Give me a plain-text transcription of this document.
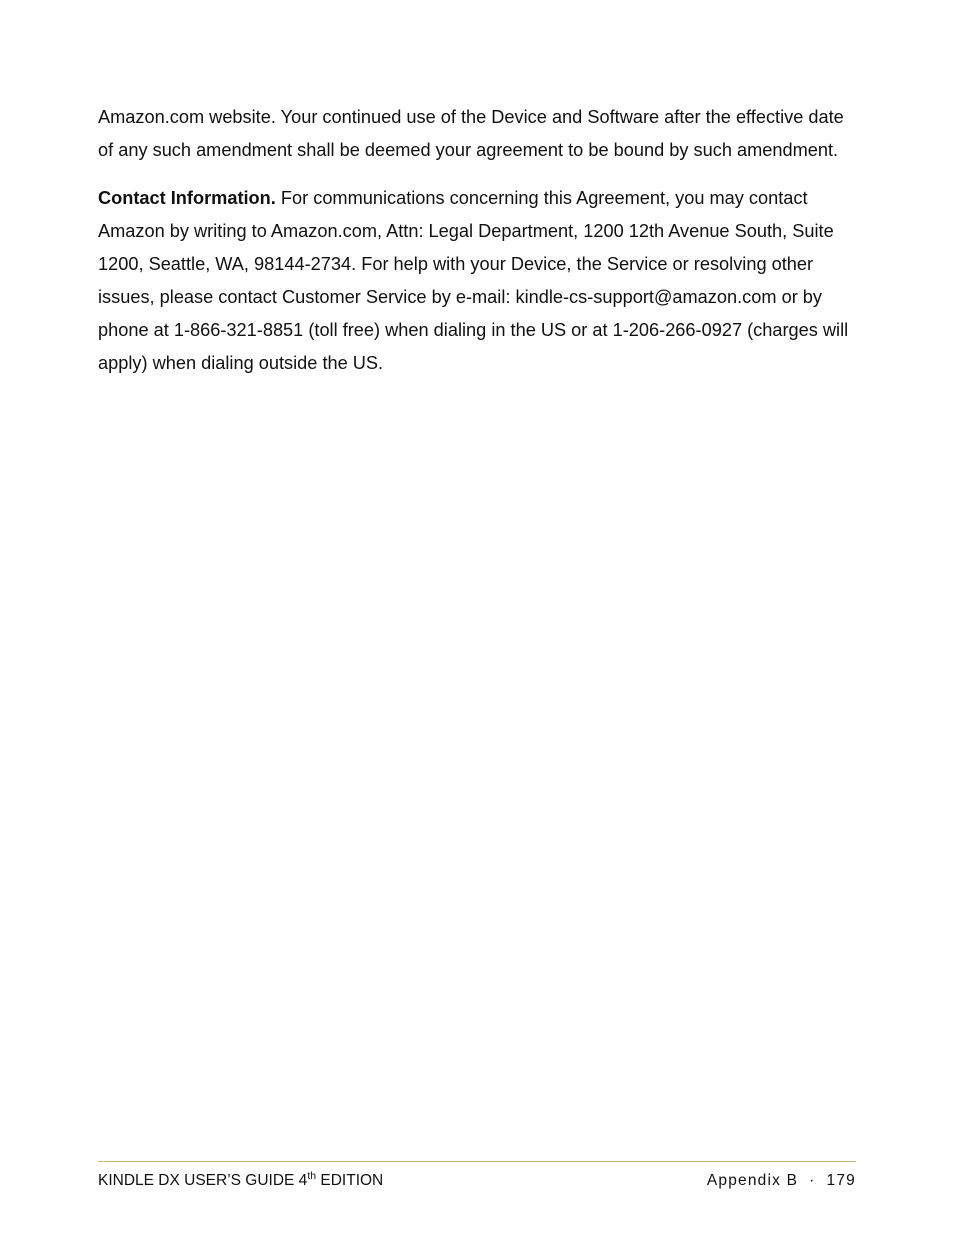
Amazon.com website. Your continued use of the Device and Software after the effective date of any such amendment shall be deemed your agreement to be bound by such amendment.

Contact Information. For communications concerning this Agreement, you may contact Amazon by writing to Amazon.com, Attn: Legal Department, 1200 12th Avenue South, Suite 1200, Seattle, WA, 98144-2734. For help with your Device, the Service or resolving other issues, please contact Customer Service by e-mail: kindle-cs-support@amazon.com or by phone at 1-866-321-8851 (toll free) when dialing in the US or at 1-206-266-0927 (charges will apply) when dialing outside the US.

KINDLE DX USER’S GUIDE 4th EDITION	Appendix B · 179
